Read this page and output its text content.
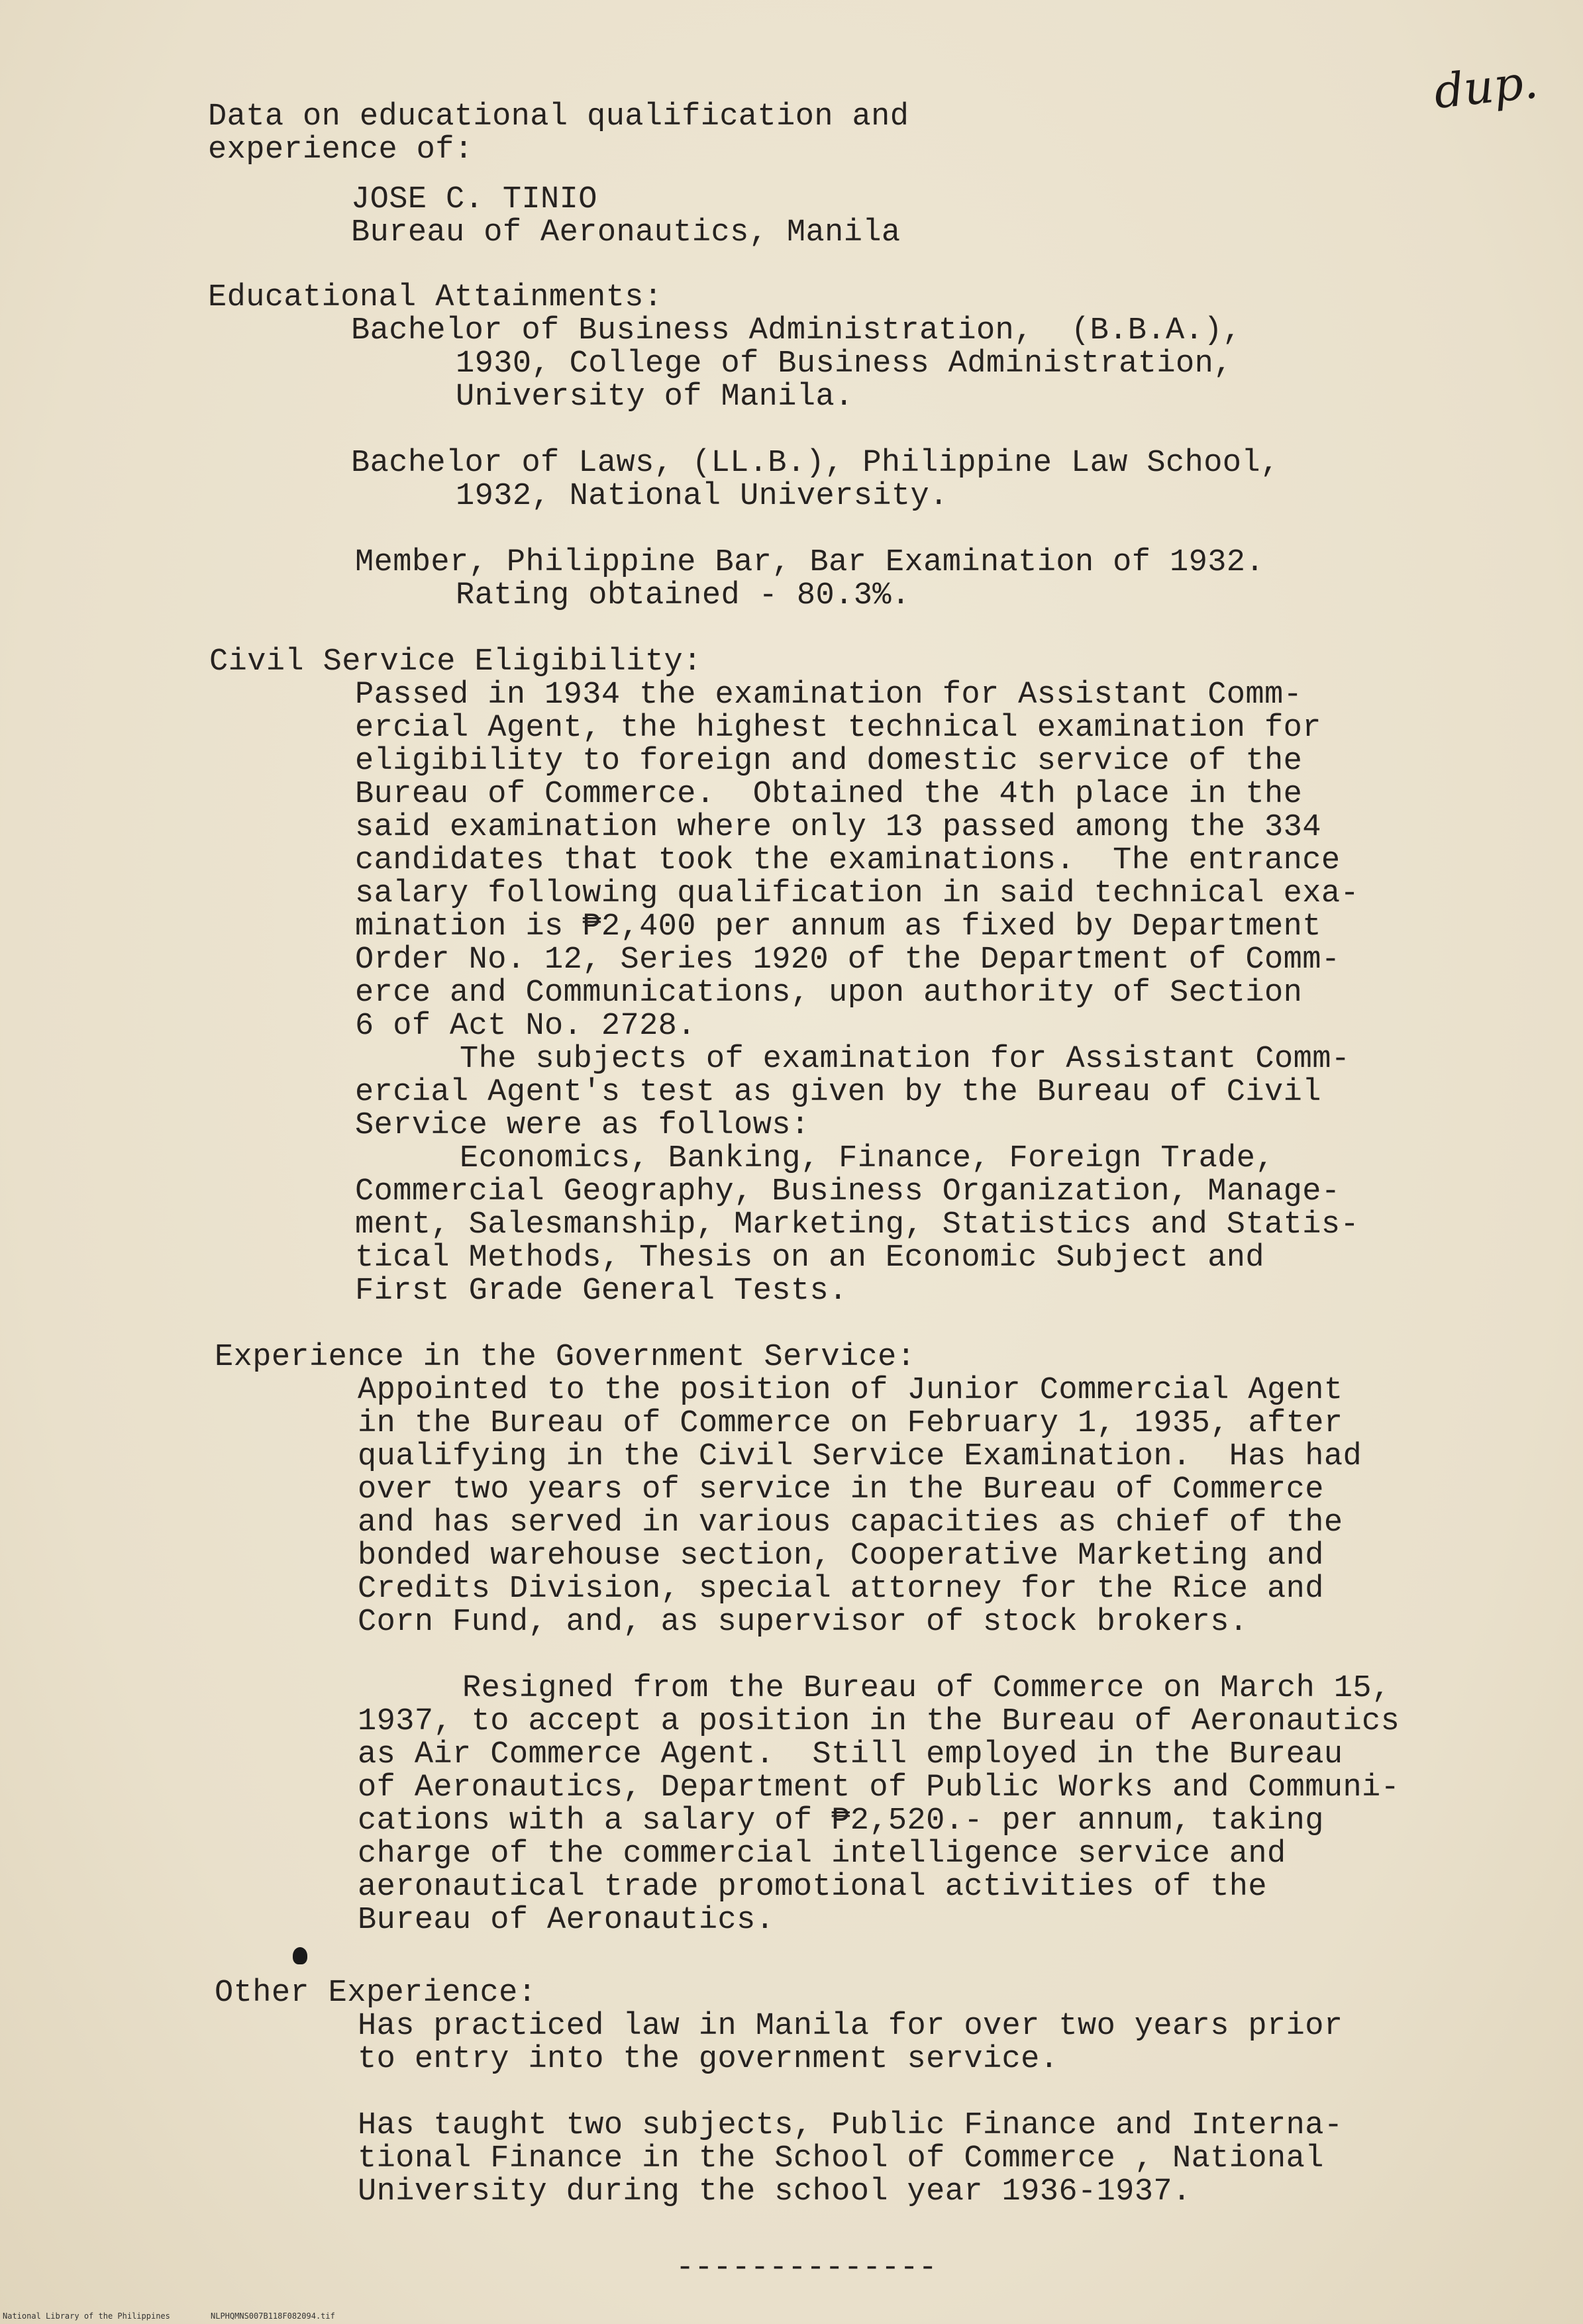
dup.
Data on educational qualification and
experience of:
JOSE C. TINIO
Bureau of Aeronautics, Manila
Educational Attainments:
Bachelor of Business Administration,  (B.B.A.),
1930, College of Business Administration,
University of Manila.
Bachelor of Laws, (LL.B.), Philippine Law School,
1932, National University.
Member, Philippine Bar, Bar Examination of 1932.
Rating obtained - 80.3%.
Civil Service Eligibility:
Passed in 1934 the examination for Assistant Comm-
ercial Agent, the highest technical examination for
eligibility to foreign and domestic service of the
Bureau of Commerce.  Obtained the 4th place in the
said examination where only 13 passed among the 334
candidates that took the examinations.  The entrance
salary following qualification in said technical exa-
mination is ₱2,400 per annum as fixed by Department
Order No. 12, Series 1920 of the Department of Comm-
erce and Communications, upon authority of Section
6 of Act No. 2728.
The subjects of examination for Assistant Comm-
ercial Agent's test as given by the Bureau of Civil
Service were as follows:
Economics, Banking, Finance, Foreign Trade,
Commercial Geography, Business Organization, Manage-
ment, Salesmanship, Marketing, Statistics and Statis-
tical Methods, Thesis on an Economic Subject and
First Grade General Tests.
Experience in the Government Service:
Appointed to the position of Junior Commercial Agent
in the Bureau of Commerce on February 1, 1935, after
qualifying in the Civil Service Examination.  Has had
over two years of service in the Bureau of Commerce
and has served in various capacities as chief of the
bonded warehouse section, Cooperative Marketing and
Credits Division, special attorney for the Rice and
Corn Fund, and, as supervisor of stock brokers.
Resigned from the Bureau of Commerce on March 15,
1937, to accept a position in the Bureau of Aeronautics
as Air Commerce Agent.  Still employed in the Bureau
of Aeronautics, Department of Public Works and Communi-
cations with a salary of ₱2,520.- per annum, taking
charge of the commercial intelligence service and
aeronautical trade promotional activities of the
Bureau of Aeronautics.
Other Experience:
Has practiced law in Manila for over two years prior
to entry into the government service.
Has taught two subjects, Public Finance and Interna-
tional Finance in the School of Commerce , National
University during the school year 1936-1937.
--------------
National Library of the Philippines	NLPHQMNS007B118F082094.tif
